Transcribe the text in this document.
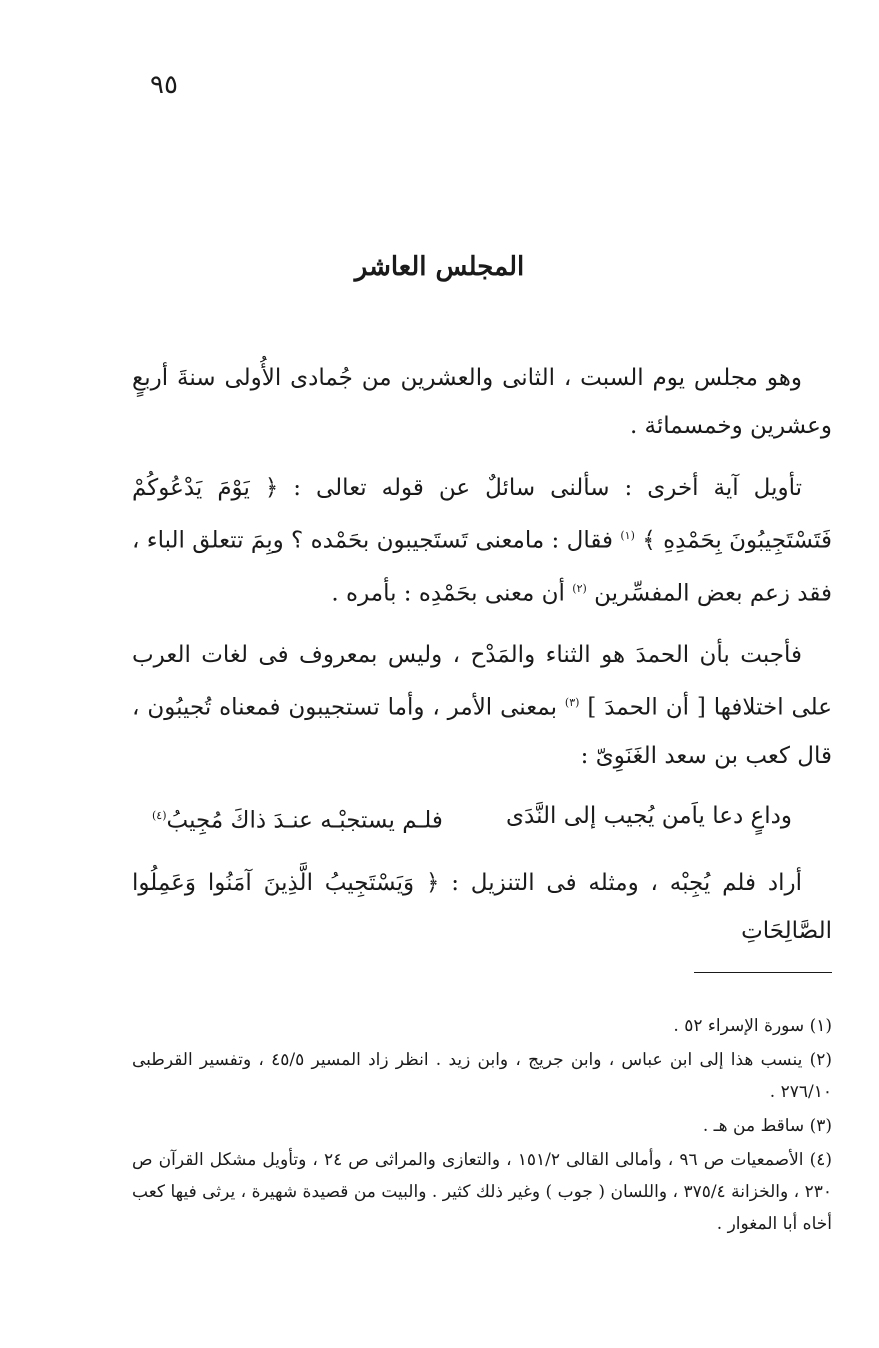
٩٥
المجلس العاشر

وهو مجلس يوم السبت ، الثانى والعشرين من جُمادى الأُولى سنةَ أربعٍ وعشرين وخمسمائة .

تأويل آية أخرى : سألنى سائلٌ عن قوله تعالى : ﴿ يَوْمَ يَدْعُوكُمْ فَتَسْتَجِيبُونَ بِحَمْدِهِ ﴾ $^{(١)}$ فقال : مامعنى تَستَجيبون بحَمْده ؟ وبِمَ تتعلق الباء ، فقد زعم بعض المفسِّرين $^{(٢)}$ أن معنى بحَمْدِه : بأمره .

فأجبت بأن الحمدَ هو الثناء والمَدْح ، وليس بمعروف فى لغات العرب على اختلافها [ أن الحمدَ ] $^{(٣)}$ بمعنى الأمر ، وأما تستجيبون فمعناه تُجيبُون ، قال كعب بن سعد الغَنَوِىّ :

وداعٍ دعا ياَمن يُجيب إلى النَّدَى
فلـم يستجبْـه عنـدَ ذاكَ مُجِيبُ$^{(٤)}$

أراد فلم يُجِبْه ، ومثله فى التنزيل : ﴿ وَيَسْتَجِيبُ الَّذِينَ آمَنُوا وَعَمِلُوا الصَّالِحَاتِ

(١) سورة الإسراء ٥٢ .

(٢) ينسب هذا إلى ابن عباس ، وابن جريج ، وابن زيد . انظر زاد المسير ٤٥/٥ ، وتفسير القرطبى ٢٧٦/١٠ .

(٣) ساقط من هـ .

(٤) الأصمعيات ص ٩٦ ، وأمالى القالى ١٥١/٢ ، والتعازى والمراثى ص ٢٤ ، وتأويل مشكل القرآن ص ٢٣٠ ، والخزانة ٣٧٥/٤ ، واللسان ( جوب ) وغير ذلك كثير . والبيت من قصيدة شهيرة ، يرثى فيها كعب أخاه أبا المغوار .
